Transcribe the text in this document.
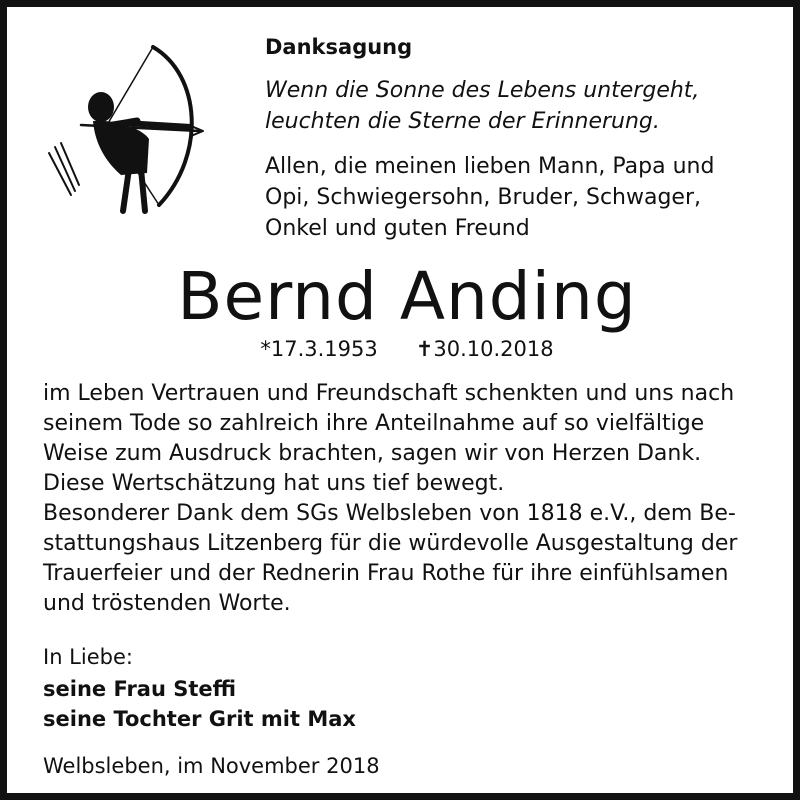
Danksagung
Wenn die Sonne des Lebens untergeht,
leuchten die Sterne der Erinnerung.
Allen, die meinen lieben Mann, Papa und
Opi, Schwiegersohn, Bruder, Schwager,
Onkel und guten Freund
Bernd Anding
*17.3.1953 ✝30.10.2018
im Leben Vertrauen und Freundschaft schenkten und uns nach
seinem Tode so zahlreich ihre Anteilnahme auf so vielfältige
Weise zum Ausdruck brachten, sagen wir von Herzen Dank.
Diese Wertschätzung hat uns tief bewegt.
Besonderer Dank dem SGs Welbsleben von 1818 e.V., dem Be-
stattungshaus Litzenberg für die würdevolle Ausgestaltung der
Trauerfeier und der Rednerin Frau Rothe für ihre einfühlsamen
und tröstenden Worte.
In Liebe:
seine Frau Steffi
seine Tochter Grit mit Max
Welbsleben, im November 2018
